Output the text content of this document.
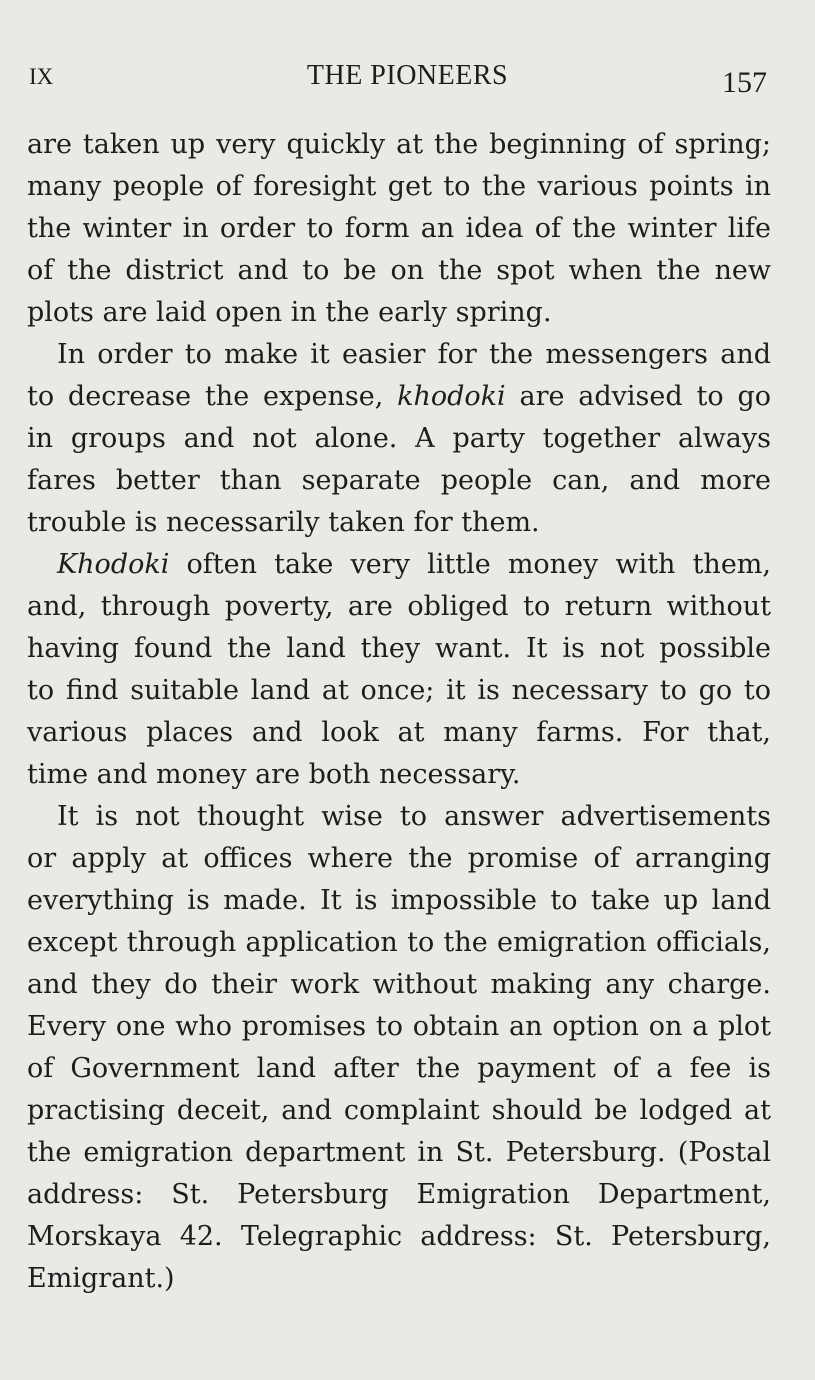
IX	THE PIONEERS	157
are taken up very quickly at the beginning of spring;
many people of foresight get to the various points in
the winter in order to form an idea of the winter life
of the district and to be on the spot when the new
plots are laid open in the early spring.
In order to make it easier for the messengers and
to decrease the expense, khodoki are advised to go
in groups and not alone. A party together always
fares better than separate people can, and more
trouble is necessarily taken for them.
Khodoki often take very little money with them,
and, through poverty, are obliged to return without
having found the land they want. It is not possible
to find suitable land at once; it is necessary to go to
various places and look at many farms. For that,
time and money are both necessary.
It is not thought wise to answer advertisements
or apply at offices where the promise of arranging
everything is made. It is impossible to take up land
except through application to the emigration officials,
and they do their work without making any charge.
Every one who promises to obtain an option on a plot
of Government land after the payment of a fee is
practising deceit, and complaint should be lodged at
the emigration department in St. Petersburg. (Postal
address: St. Petersburg Emigration Department,
Morskaya 42. Telegraphic address: St. Petersburg,
Emigrant.)
